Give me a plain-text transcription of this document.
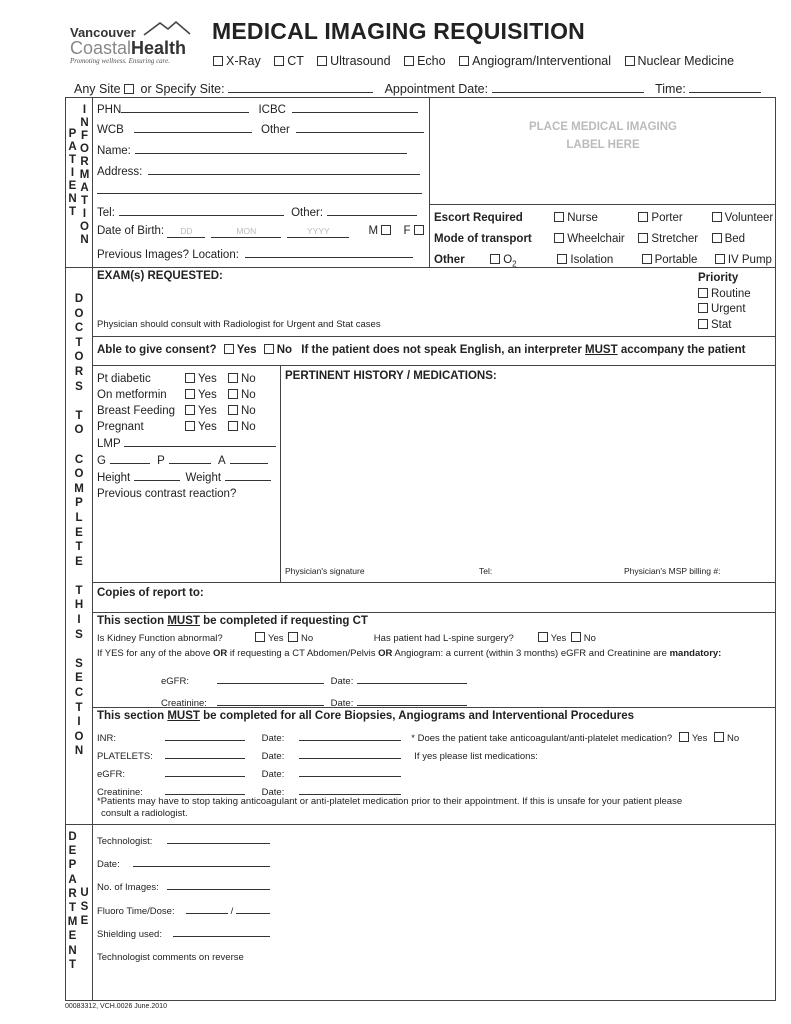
Vancouver
CoastalHealth
Promoting wellness. Ensuring care.
MEDICAL IMAGING REQUISITION
X-Ray CT Ultrasound Echo Angiogram/Interventional Nuclear Medicine
Any Site or Specify Site:	Appointment Date:	Time:
P
A
T
I
E
N
T
I
N
F
O
R
M
A
T
I
O
N
PHN	ICBC
WCB	Other
Name:
Address:
Tel:	Other:
Date of Birth: DD	MON	YYYY	M F
Previous Images? Location:
PLACE MEDICAL IMAGING
LABEL HERE
Escort Required	Nurse	Porter	Volunteer
Mode of transport	Wheelchair Stretcher Bed
Other	$O_2$	Isolation	Portable	IV Pump
D
O
C
T
O
R
S

T
O

C
O
M
P
L
E
T
E

T
H
I
S

S
E
C
T
I
O
N
EXAM(s) REQUESTED:
Physician should consult with Radiologist for Urgent and Stat cases
Priority
Routine
Urgent
Stat
Able to give consent? Yes No If the patient does not speak English, an interpreter MUST accompany the patient
Pt diabetic	Yes No
On metformin	Yes No
Breast Feeding Yes No
Pregnant	Yes No
LMP
G	P	A
Height	Weight
Previous contrast reaction?
PERTINENT HISTORY / MEDICATIONS:
Physician's signature	Tel:	Physician's MSP billing #:
Copies of report to:
This section MUST be completed if requesting CT
Is Kidney Function abnormal?	Yes No	Has patient had L-spine surgery?	Yes No
If YES for any of the above OR if requesting a CT Abdomen/Pelvis OR Angiogram: a current (within 3 months) eGFR and Creatinine are mandatory:
eGFR:	Date:
Creatinine:	Date:
This section MUST be completed for all Core Biopsies, Angiograms and Interventional Procedures
INR:	Date:	* Does the patient take anticoagulant/anti-platelet medication? Yes No
PLATELETS:	Date:	If yes please list medications:
eGFR:	Date:
Creatinine:	Date:
*Patients may have to stop taking anticoagulant or anti-platelet medication prior to their appointment. If this is unsafe for your patient please
consult a radiologist.
D
E
P
A
R
T
M
E
N
T
U
S
E
Technologist:
Date:
No. of Images:
Fluoro Time/Dose:	/
Shielding used:
Technologist comments on reverse
00083312, VCH.0026 June.2010
